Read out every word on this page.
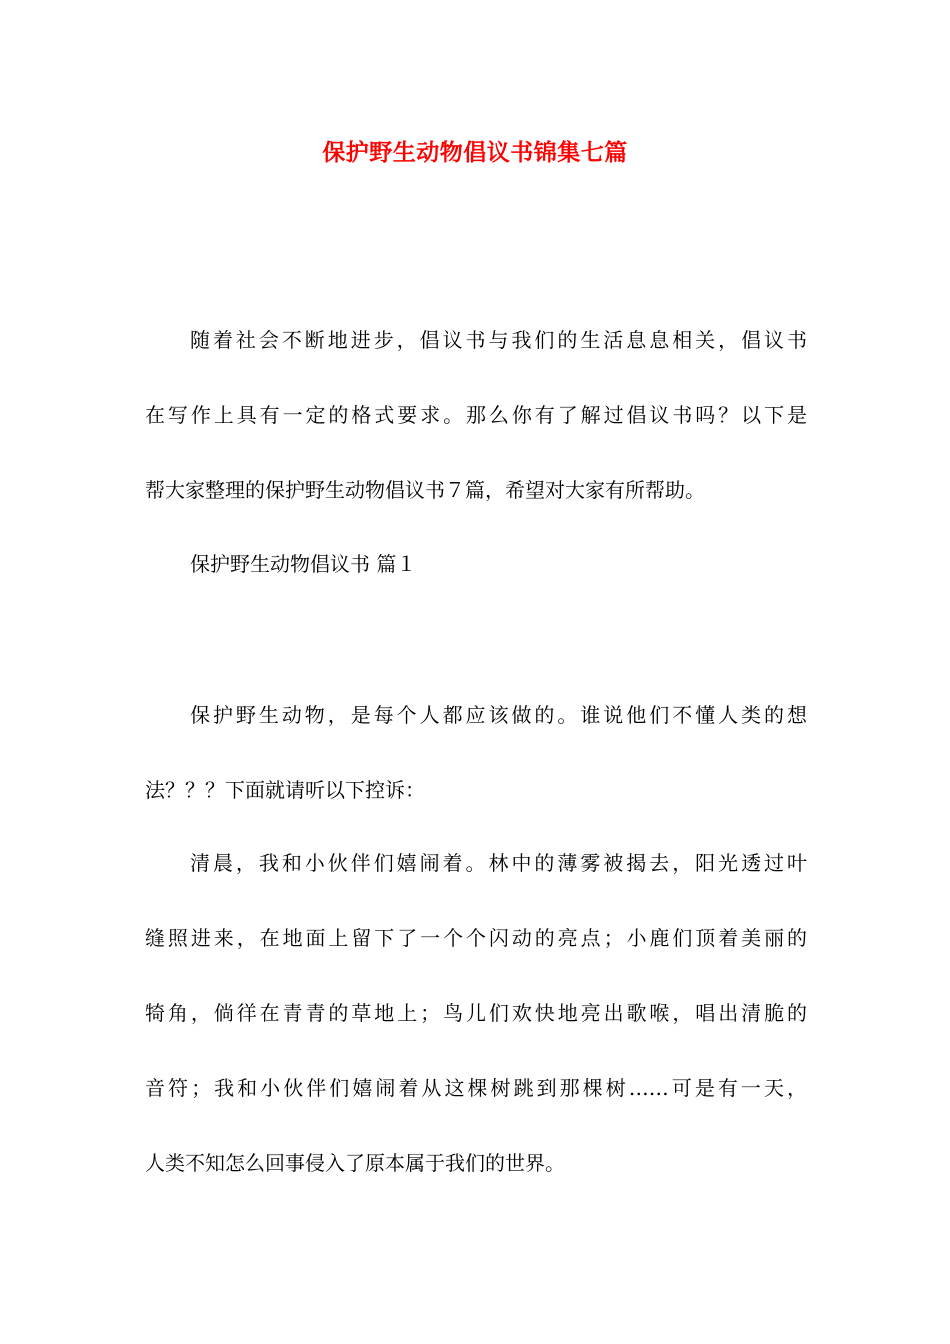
保护野生动物倡议书锦集七篇
随着社会不断地进步，倡议书与我们的生活息息相关，倡议书
在写作上具有一定的格式要求。那么你有了解过倡议书吗？以下是
帮大家整理的保护野生动物倡议书７篇，希望对大家有所帮助。
保护野生动物倡议书 篇１
保护野生动物，是每个人都应该做的。谁说他们不懂人类的想
法？？？下面就请听以下控诉：
清晨，我和小伙伴们嬉闹着。林中的薄雾被揭去，阳光透过叶
缝照进来，在地面上留下了一个个闪动的亮点；小鹿们顶着美丽的
犄角，倘徉在青青的草地上；鸟儿们欢快地亮出歌喉，唱出清脆的
音符；我和小伙伴们嬉闹着从这棵树跳到那棵树……可是有一天，
人类不知怎么回事侵入了原本属于我们的世界。
